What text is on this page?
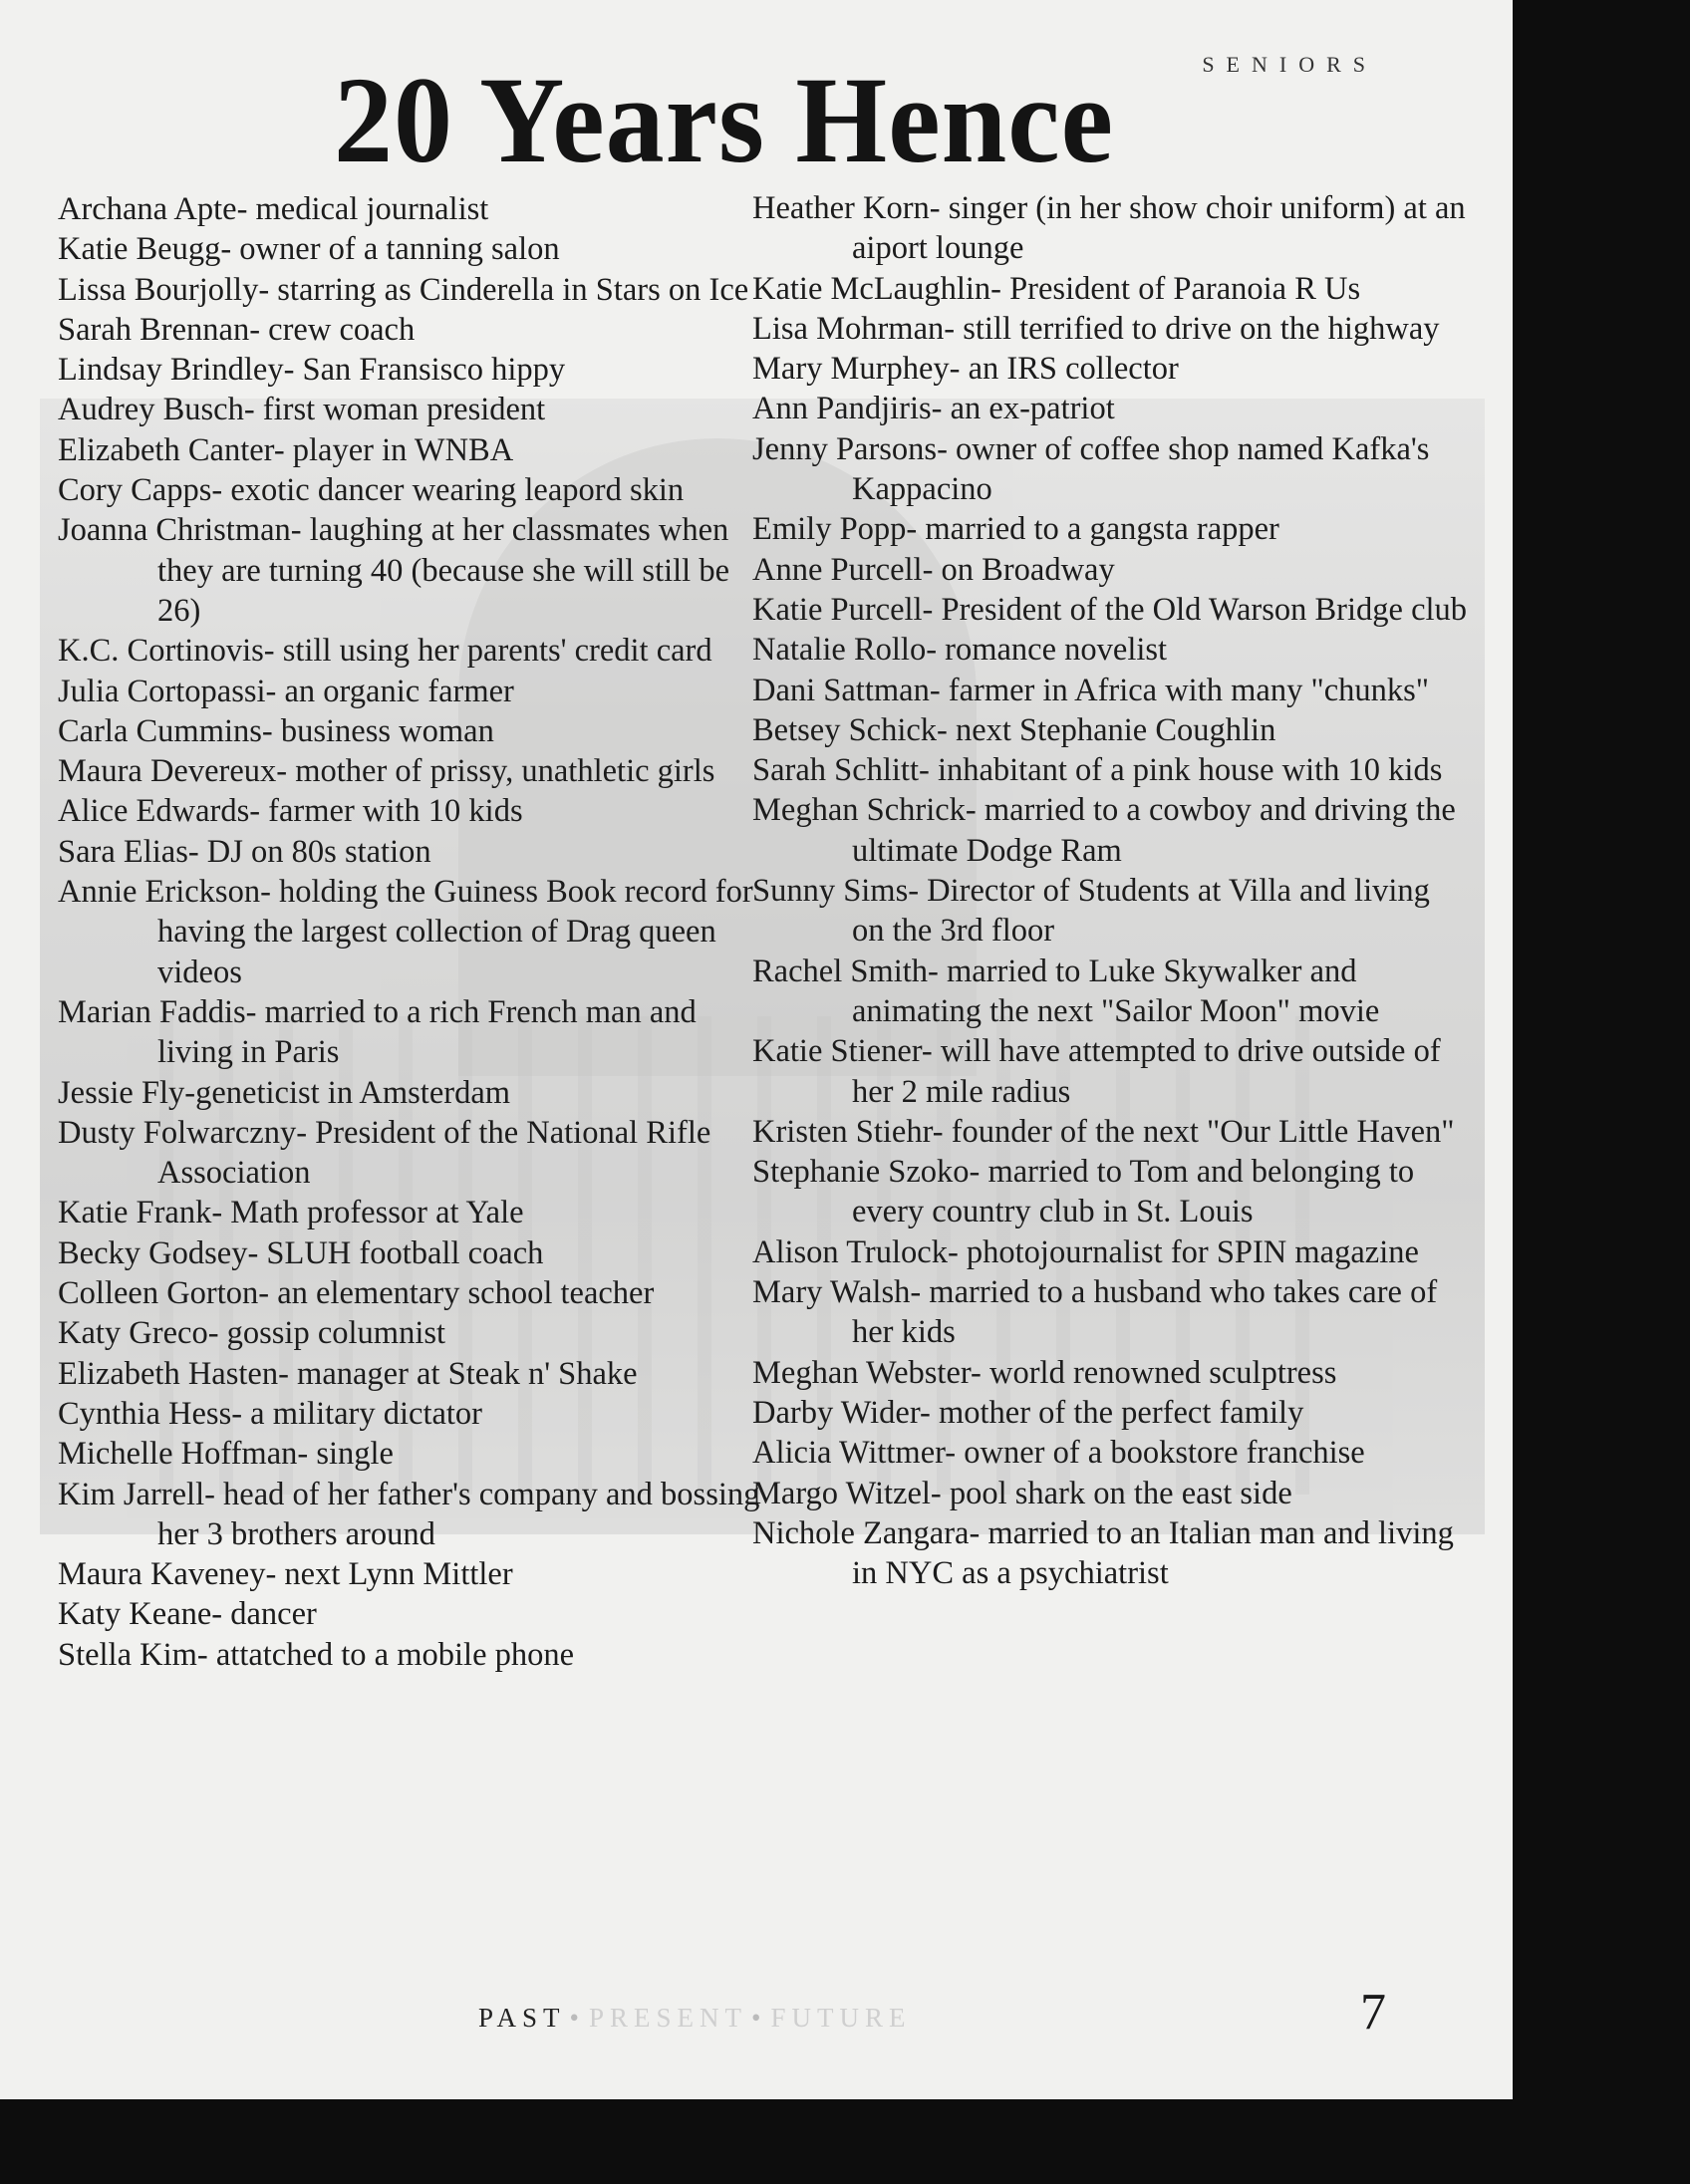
SENIORS
20 Years Hence

Archana Apte- medical journalist

Katie Beugg- owner of a tanning salon

Lissa Bourjolly- starring as Cinderella in Stars on Ice

Sarah Brennan- crew coach

Lindsay Brindley- San Fransisco hippy

Audrey Busch- first woman president

Elizabeth Canter- player in WNBA

Cory Capps- exotic dancer wearing leapord skin

Joanna Christman- laughing at her classmates when they are turning 40 (because she will still be 26)

K.C. Cortinovis- still using her parents' credit card

Julia Cortopassi- an organic farmer

Carla Cummins- business woman

Maura Devereux- mother of prissy, unathletic girls

Alice Edwards- farmer with 10 kids

Sara Elias- DJ on 80s station

Annie Erickson- holding the Guiness Book record for having the largest collection of Drag queen videos

Marian Faddis- married to a rich French man and living in Paris

Jessie Fly-geneticist in Amsterdam

Dusty Folwarczny- President of the National Rifle Association

Katie Frank- Math professor at Yale

Becky Godsey- SLUH football coach

Colleen Gorton- an elementary school teacher

Katy Greco- gossip columnist

Elizabeth Hasten- manager at Steak n' Shake

Cynthia Hess- a military dictator

Michelle Hoffman- single

Kim Jarrell- head of her father's company and bossing her 3 brothers around

Maura Kaveney- next Lynn Mittler

Katy Keane- dancer

Stella Kim- attatched to a mobile phone

Heather Korn- singer (in her show choir uniform) at an aiport lounge

Katie McLaughlin- President of Paranoia R Us

Lisa Mohrman- still terrified to drive on the highway

Mary Murphey- an IRS collector

Ann Pandjiris- an ex-patriot

Jenny Parsons- owner of coffee shop named Kafka's Kappacino

Emily Popp- married to a gangsta rapper

Anne Purcell- on Broadway

Katie Purcell- President of the Old Warson Bridge club

Natalie Rollo- romance novelist

Dani Sattman- farmer in Africa with many "chunks"

Betsey Schick- next Stephanie Coughlin

Sarah Schlitt- inhabitant of a pink house with 10 kids

Meghan Schrick- married to a cowboy and driving the ultimate Dodge Ram

Sunny Sims- Director of Students at Villa and living on the 3rd floor

Rachel Smith- married to Luke Skywalker and animating the next "Sailor Moon" movie

Katie Stiener- will have attempted to drive outside of her 2 mile radius

Kristen Stiehr- founder of the next "Our Little Haven"

Stephanie Szoko- married to Tom and belonging to every country club in St. Louis

Alison Trulock- photojournalist for SPIN magazine

Mary Walsh- married to a husband who takes care of her kids

Meghan Webster- world renowned sculptress

Darby Wider- mother of the perfect family

Alicia Wittmer- owner of a bookstore franchise

Margo Witzel- pool shark on the east side

Nichole Zangara- married to an Italian man and living in NYC as a psychiatrist

PAST • PRESENT • FUTURE	7
